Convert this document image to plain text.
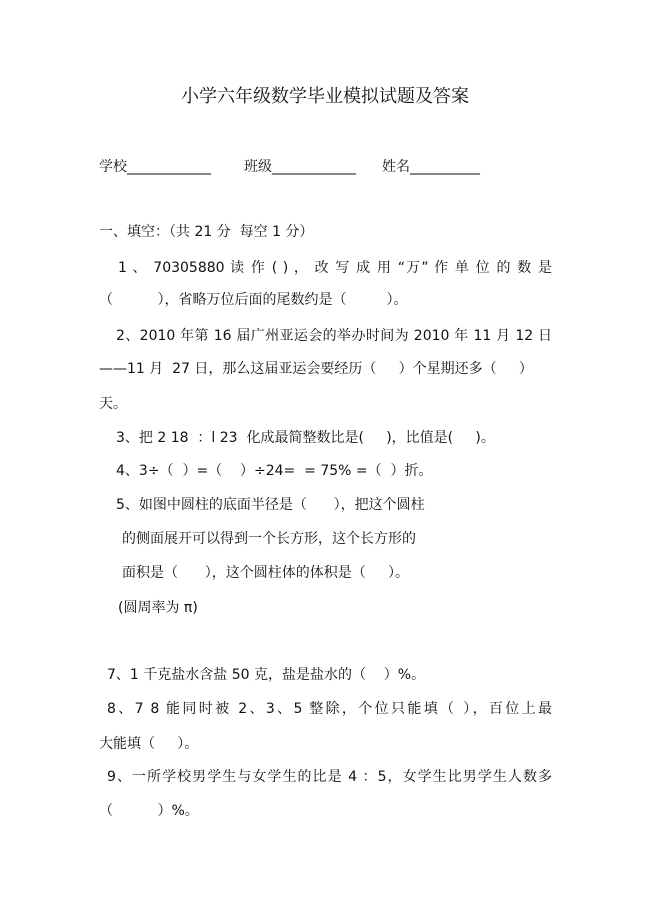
小学六年级数学毕业模拟试题及答案
学校____________ 班级____________ 姓名__________
一、填空：（共 21 分  每空 1 分）
1 、 70305880 读 作 ( ) ， 改 写 成 用 “万” 作 单 位 的 数 是
（          ），省略万位后面的尾数约是（         ）。
2、2010 年第 16 届广州亚运会的举办时间为 2010 年 11 月 12 日
——11 月  27 日，那么这届亚运会要经历（     ）个星期还多（     ）
天。
3、把 2 18  ：l 23  化成最简整数比是(     )，比值是(     )。
4、3÷（  ）=（    ）÷24=  = 75% =（  ）折。
5、如图中圆柱的底面半径是（      ），把这个圆柱
的侧面展开可以得到一个长方形，这个长方形的
面积是（      ），这个圆柱体的体积是（     ）。
(圆周率为 π)
7、1 千克盐水含盐 50 克，盐是盐水的（    ）%。
8、7 8 能同时被 2、3、5 整除，个位只能填（ ），百位上最
大能填（     ）。
9、一所学校男学生与女学生的比是 4 ：5，女学生比男学生人数多
（          ）%。
